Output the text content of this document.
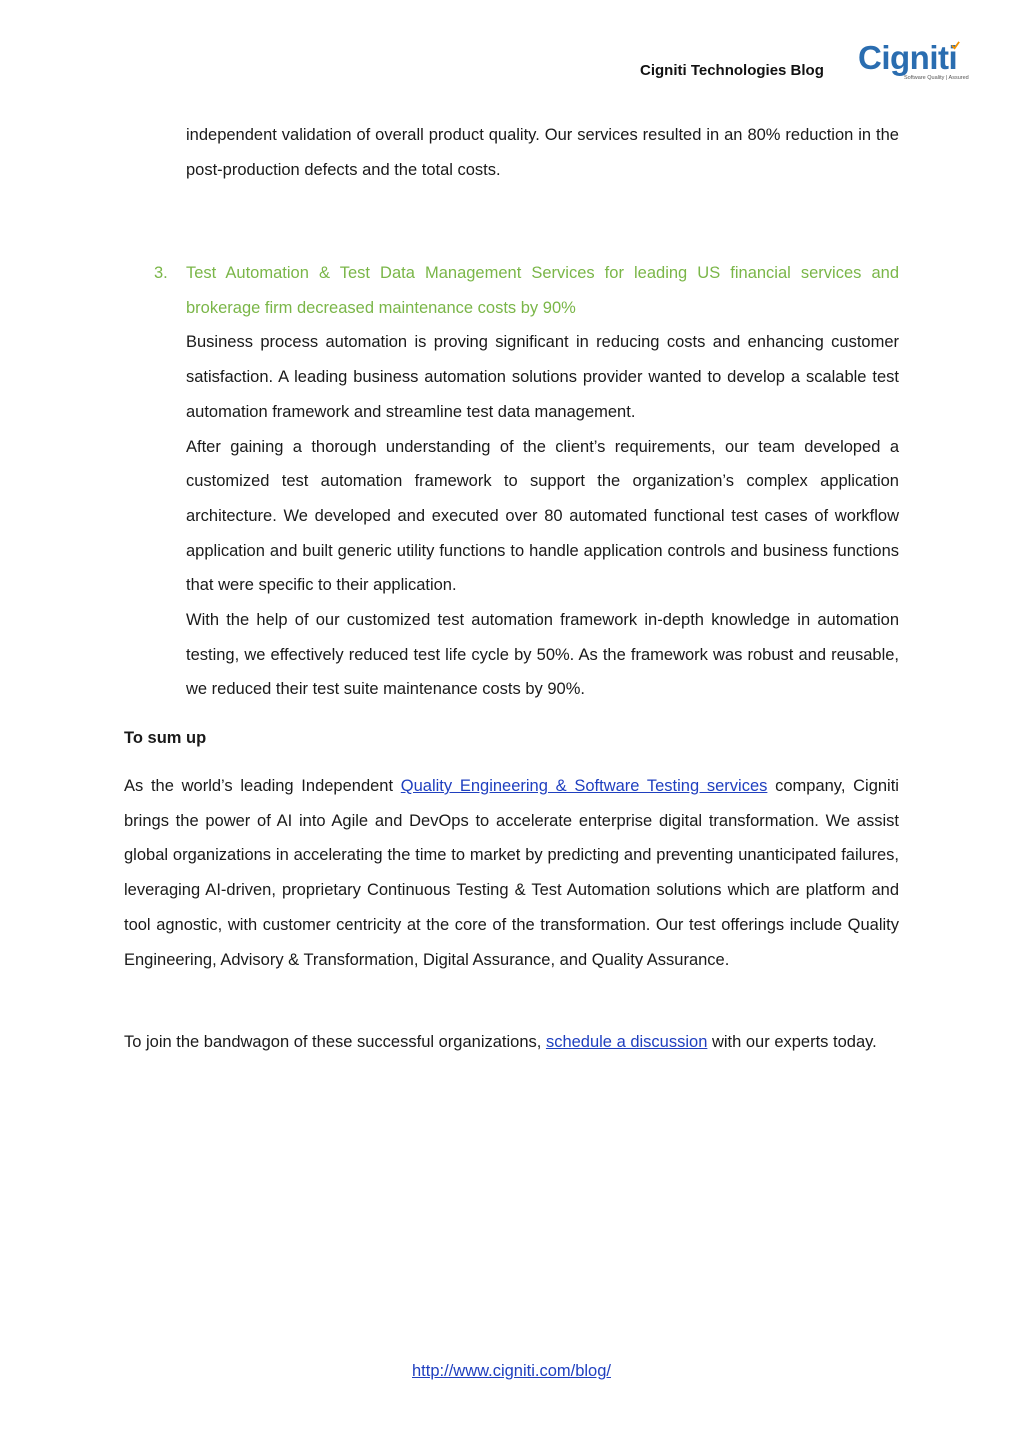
Cigniti Technologies Blog Cigniti
Software Quality | Assured

independent validation of overall product quality. Our services resulted in an 80% reduction in the post-production defects and the total costs.

3. Test Automation & Test Data Management Services for leading US financial services and brokerage firm decreased maintenance costs by 90%

Business process automation is proving significant in reducing costs and enhancing customer satisfaction. A leading business automation solutions provider wanted to develop a scalable test automation framework and streamline test data management.

After gaining a thorough understanding of the client’s requirements, our team developed a customized test automation framework to support the organization’s complex application architecture. We developed and executed over 80 automated functional test cases of workflow application and built generic utility functions to handle application controls and business functions that were specific to their application.

With the help of our customized test automation framework in-depth knowledge in automation testing, we effectively reduced test life cycle by 50%. As the framework was robust and reusable, we reduced their test suite maintenance costs by 90%.

To sum up

As the world’s leading Independent Quality Engineering & Software Testing services company, Cigniti brings the power of AI into Agile and DevOps to accelerate enterprise digital transformation. We assist global organizations in accelerating the time to market by predicting and preventing unanticipated failures, leveraging AI-driven, proprietary Continuous Testing & Test Automation solutions which are platform and tool agnostic, with customer centricity at the core of the transformation. Our test offerings include Quality Engineering, Advisory & Transformation, Digital Assurance, and Quality Assurance.

To join the bandwagon of these successful organizations, schedule a discussion with our experts today.

http://www.cigniti.com/blog/
